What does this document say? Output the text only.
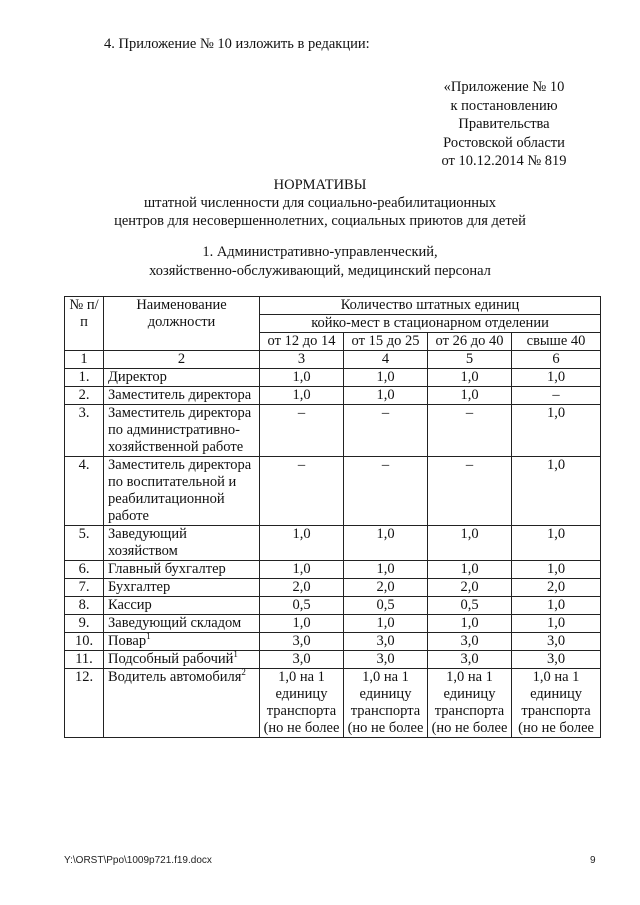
4. Приложение № 10 изложить в редакции:
«Приложение № 10
к постановлению
Правительства
Ростовской области
от 10.12.2014 № 819
НОРМАТИВЫ
штатной численности для социально-реабилитационных
центров для несовершеннолетних, социальных приютов для детей
1. Административно-управленческий,
хозяйственно-обслуживающий, медицинский персонал
№ п/п	Наименование должности	Количество штатных единиц			
		койко-мест в стационарном отделении			
		от 12 до 14	от 15 до 25	от 26 до 40	свыше 40
1	2	3	4	5	6
1.	Директор	1,0	1,0	1,0	1,0
2.	Заместитель директора	1,0	1,0	1,0	–
3.	Заместитель директора по административно-хозяйственной работе	–	–	–	1,0
4.	Заместитель директора по воспитательной и реабилитационной работе	–	–	–	1,0
5.	Заведующий хозяйством	1,0	1,0	1,0	1,0
6.	Главный бухгалтер	1,0	1,0	1,0	1,0
7.	Бухгалтер	2,0	2,0	2,0	2,0
8.	Кассир	0,5	0,5	0,5	1,0
9.	Заведующий складом	1,0	1,0	1,0	1,0
10.	Повар$^1$	3,0	3,0	3,0	3,0
11.	Подсобный рабочий$^1$	3,0	3,0	3,0	3,0
12.	Водитель автомобиля$^2$	1,0 на 1 единицу транспорта (но не более	1,0 на 1 единицу транспорта (но не более	1,0 на 1 единицу транспорта (но не более	1,0 на 1 единицу транспорта (но не более
Y:\ORST\Ppo\1009p721.f19.docx	9
